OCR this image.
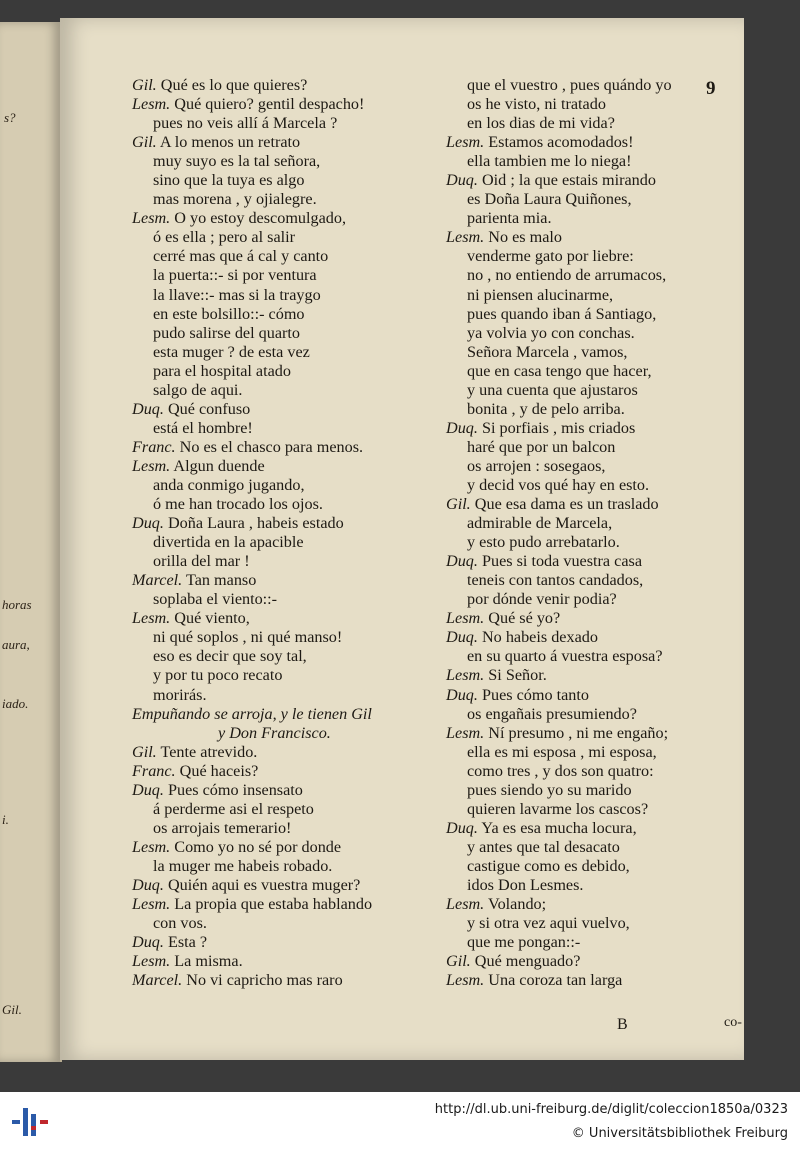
s?
horas
aura,
iado.
i.
Gil.
9
Gil. Qué es lo que quieres?
Lesm. Qué quiero? gentil despacho!
pues no veis allí á Marcela ?
Gil. A lo menos un retrato
muy suyo es la tal señora,
sino que la tuya es algo
mas morena , y ojialegre.
Lesm. O yo estoy descomulgado,
ó es ella ; pero al salir
cerré mas que á cal y canto
la puerta::- si por ventura
la llave::- mas si la traygo
en este bolsillo::- cómo
pudo salirse del quarto
esta muger ? de esta vez
para el hospital atado
salgo de aqui.
Duq. Qué confuso
está el hombre!
Franc. No es el chasco para menos.
Lesm. Algun duende
anda conmigo jugando,
ó me han trocado los ojos.
Duq. Doña Laura , habeis estado
divertida en la apacible
orilla del mar !
Marcel. Tan manso
soplaba el viento::-
Lesm. Qué viento,
ni qué soplos , ni qué manso!
eso es decir que soy tal,
y por tu poco recato
morirás.
Empuñando se arroja, y le tienen Gil
y Don Francisco.
Gil. Tente atrevido.
Franc. Qué haceis?
Duq. Pues cómo insensato
á perderme asi el respeto
os arrojais temerario!
Lesm. Como yo no sé por donde
la muger me habeis robado.
Duq. Quién aqui es vuestra muger?
Lesm. La propia que estaba hablando
con vos.
Duq. Esta ?
Lesm. La misma.
Marcel. No vi capricho mas raro
que el vuestro , pues quándo yo
os he visto, ni tratado
en los dias de mi vida?
Lesm. Estamos acomodados!
ella tambien me lo niega!
Duq. Oid ; la que estais mirando
es Doña Laura Quiñones,
parienta mia.
Lesm. No es malo
venderme gato por liebre:
no , no entiendo de arrumacos,
ni piensen alucinarme,
pues quando iban á Santiago,
ya volvia yo con conchas.
Señora Marcela , vamos,
que en casa tengo que hacer,
y una cuenta que ajustaros
bonita , y de pelo arriba.
Duq. Si porfiais , mis criados
haré que por un balcon
os arrojen : sosegaos,
y decid vos qué hay en esto.
Gil. Que esa dama es un traslado
admirable de Marcela,
y esto pudo arrebatarlo.
Duq. Pues si toda vuestra casa
teneis con tantos candados,
por dónde venir podia?
Lesm. Qué sé yo?
Duq. No habeis dexado
en su quarto á vuestra esposa?
Lesm. Si Señor.
Duq. Pues cómo tanto
os engañais presumiendo?
Lesm. Ní presumo , ni me engaño;
ella es mi esposa , mi esposa,
como tres , y dos son quatro:
pues siendo yo su marido
quieren lavarme los cascos?
Duq. Ya es esa mucha locura,
y antes que tal desacato
castigue como es debido,
idos Don Lesmes.
Lesm. Volando;
y si otra vez aqui vuelvo,
que me pongan::-
Gil. Qué menguado?
Lesm. Una coroza tan larga
B	co-
http://dl.ub.uni-freiburg.de/diglit/coleccion1850a/0323
© Universitätsbibliothek Freiburg
